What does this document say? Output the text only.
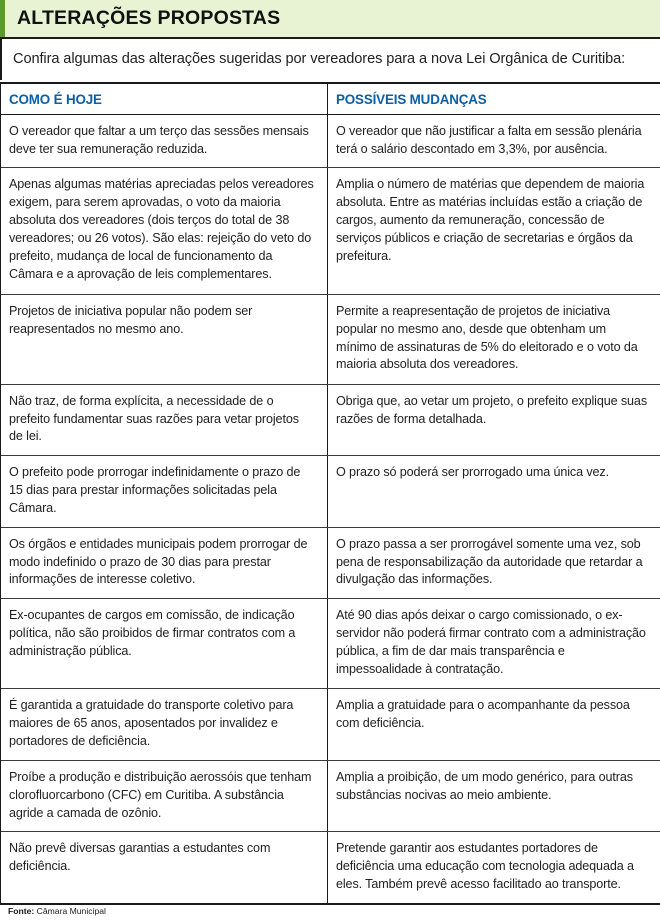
ALTERAÇÕES PROPOSTAS
Confira algumas das alterações sugeridas por vereadores para a nova Lei Orgânica de Curitiba:
COMO É HOJE	POSSÍVEIS MUDANÇAS
O vereador que faltar a um terço das sessões mensais deve ter sua remuneração reduzida.
O vereador que não justificar a falta em sessão plenária terá o salário descontado em 3,3%, por ausência.
Apenas algumas matérias apreciadas pelos vereadores exigem, para serem aprovadas, o voto da maioria absoluta dos vereadores (dois terços do total de 38 vereadores; ou 26 votos). São elas: rejeição do veto do prefeito, mudança de local de funcionamento da Câmara e a aprovação de leis complementares.
Amplia o número de matérias que dependem de maioria absoluta. Entre as matérias incluídas estão a criação de cargos, aumento da remuneração, concessão de serviços públicos e criação de secretarias e órgãos da prefeitura.
Projetos de iniciativa popular não podem ser reapresentados no mesmo ano.
Permite a reapresentação de projetos de iniciativa popular no mesmo ano, desde que obtenham um mínimo de assinaturas de 5% do eleitorado e o voto da maioria absoluta dos vereadores.
Não traz, de forma explícita, a necessidade de o prefeito fundamentar suas razões para vetar projetos de lei.
Obriga que, ao vetar um projeto, o prefeito explique suas razões de forma detalhada.
O prefeito pode prorrogar indefinidamente o prazo de 15 dias para prestar informações solicitadas pela Câmara.
O prazo só poderá ser prorrogado uma única vez.
Os órgãos e entidades municipais podem prorrogar de modo indefinido o prazo de 30 dias para prestar informações de interesse coletivo.
O prazo passa a ser prorrogável somente uma vez, sob pena de responsabilização da autoridade que retardar a divulgação das informações.
Ex-ocupantes de cargos em comissão, de indicação política, não são proibidos de firmar contratos com a administração pública.
Até 90 dias após deixar o cargo comissionado, o ex-servidor não poderá firmar contrato com a administração pública, a fim de dar mais transparência e impessoalidade à contratação.
É garantida a gratuidade do transporte coletivo para maiores de 65 anos, aposentados por invalidez e portadores de deficiência.
Amplia a gratuidade para o acompanhante da pessoa com deficiência.
Proíbe a produção e distribuição aerossóis que tenham clorofluorcarbono (CFC) em Curitiba. A substância agride a camada de ozônio.
Amplia a proibição, de um modo genérico, para outras substâncias nocivas ao meio ambiente.
Não prevê diversas garantias a estudantes com deficiência.
Pretende garantir aos estudantes portadores de deficiência uma educação com tecnologia adequada a eles. Também prevê acesso facilitado ao transporte.
Fonte: Câmara Municipal
